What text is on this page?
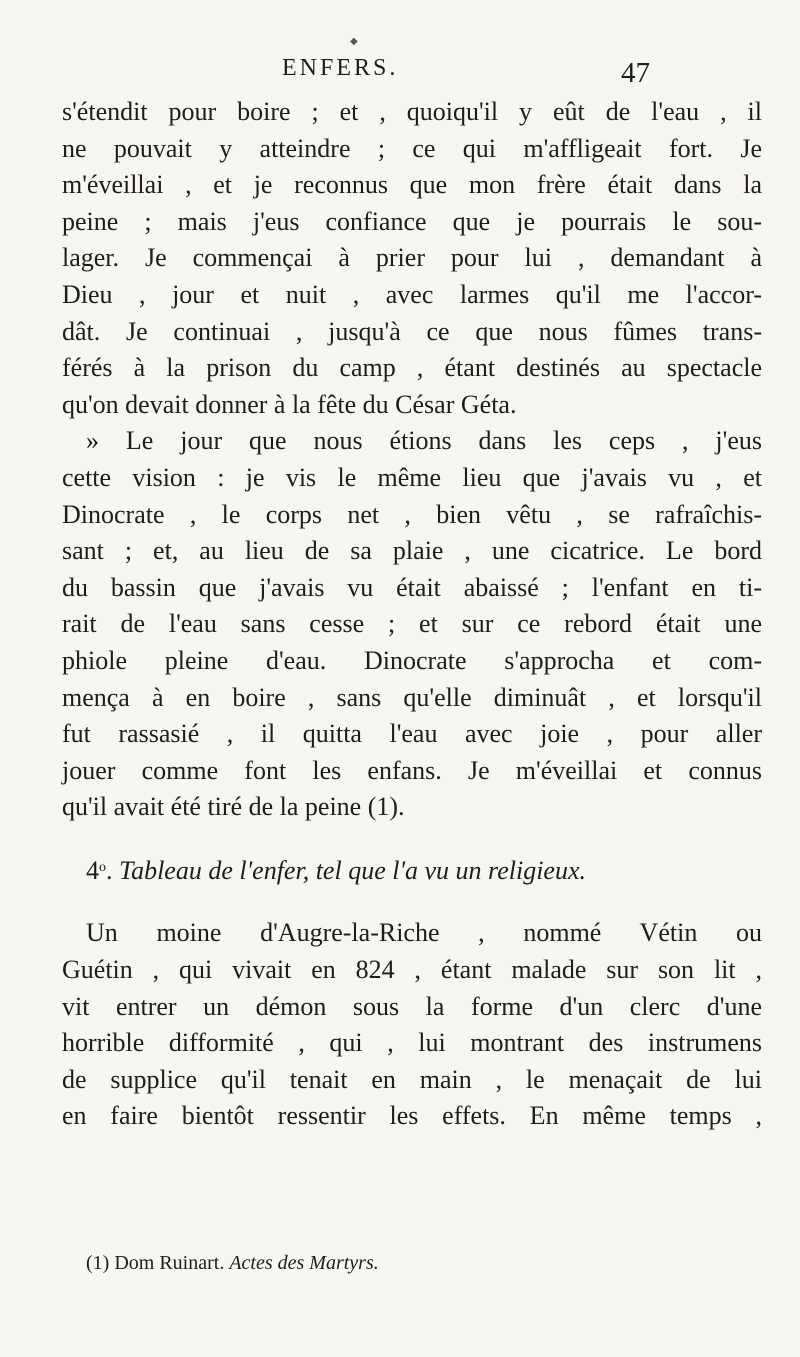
◆
ENFERS.	47
s'étendit pour boire ; et , quoiqu'il y eût de l'eau , il
ne pouvait y atteindre ; ce qui m'affligeait fort. Je
m'éveillai , et je reconnus que mon frère était dans la
peine ; mais j'eus confiance que je pourrais le sou-
lager. Je commençai à prier pour lui , demandant à
Dieu , jour et nuit , avec larmes qu'il me l'accor-
dât. Je continuai , jusqu'à ce que nous fûmes trans-
férés à la prison du camp , étant destinés au spectacle
qu'on devait donner à la fête du César Géta.
» Le jour que nous étions dans les ceps , j'eus
cette vision : je vis le même lieu que j'avais vu , et
Dinocrate , le corps net , bien vêtu , se rafraîchis-
sant ; et, au lieu de sa plaie , une cicatrice. Le bord
du bassin que j'avais vu était abaissé ; l'enfant en ti-
rait de l'eau sans cesse ; et sur ce rebord était une
phiole pleine d'eau. Dinocrate s'approcha et com-
mença à en boire , sans qu'elle diminuât , et lorsqu'il
fut rassasié , il quitta l'eau avec joie , pour aller
jouer comme font les enfans. Je m'éveillai et connus
qu'il avait été tiré de la peine (1).
4$^o$. Tableau de l'enfer, tel que l'a vu un religieux.
Un moine d'Augre-la-Riche , nommé Vétin ou
Guétin , qui vivait en 824 , étant malade sur son lit ,
vit entrer un démon sous la forme d'un clerc d'une
horrible difformité , qui , lui montrant des instrumens
de supplice qu'il tenait en main , le menaçait de lui
en faire bientôt ressentir les effets. En même temps ,
(1) Dom Ruinart. Actes des Martyrs.
